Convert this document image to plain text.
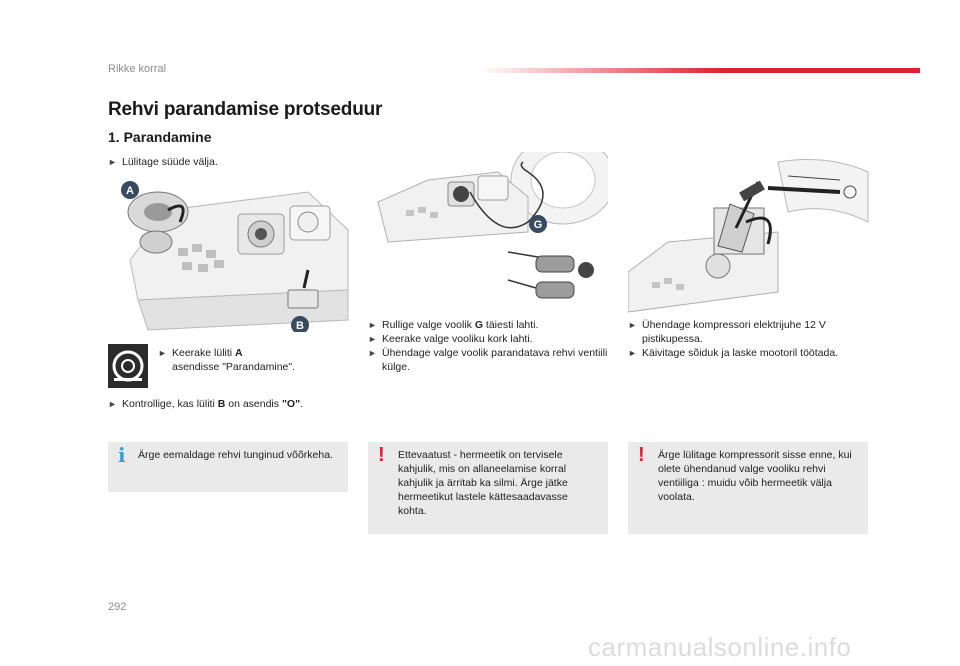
Rikke korral
Rehvi parandamise protseduur
1. Parandamine
► Lülitage süüde välja.
A
B
► Keerake lüliti A
asendisse "Parandamine".
► Kontrollige, kas lüliti B on asendis "O".
i Ärge eemaldage rehvi tunginud võõrkeha.
G
► Rullige valge voolik G täiesti lahti.
► Keerake valge vooliku kork lahti.
► Ühendage valge voolik parandatava rehvi ventiili külge.
! Ettevaatust - hermeetik on tervisele kahjulik, mis on allaneelamise korral kahjulik ja ärritab ka silmi. Ärge jätke hermeetikut lastele kättesaadavasse kohta.
► Ühendage kompressori elektrijuhe 12 V pistikupessa.
► Käivitage sõiduk ja laske mootoril töötada.
! Ärge lülitage kompressorit sisse enne, kui olete ühendanud valge vooliku rehvi ventiiliga : muidu võib hermeetik välja voolata.
292
carmanualsonline.info
